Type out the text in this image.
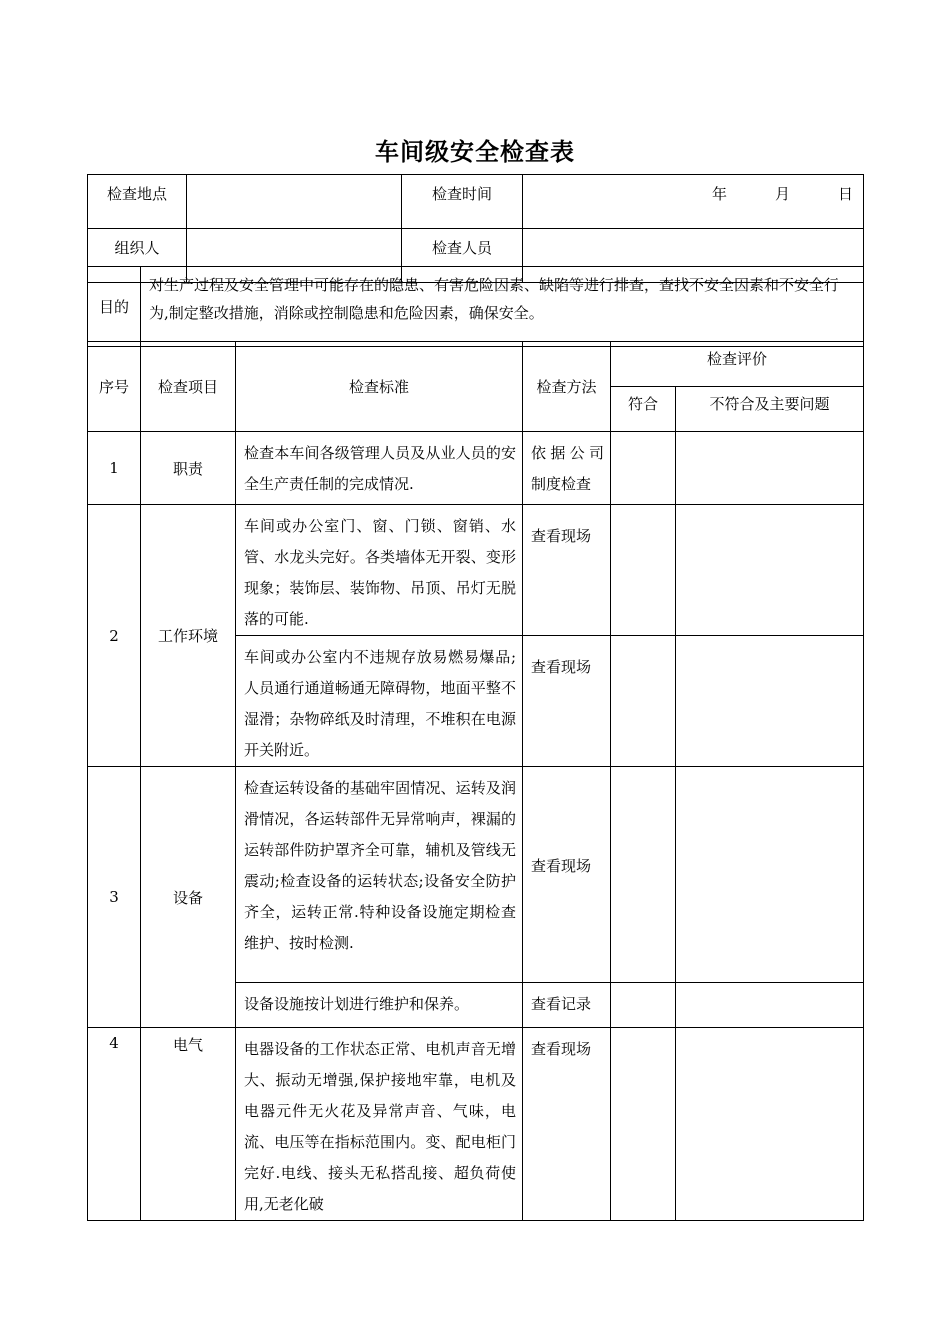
车间级安全检查表
检查地点		检查时间	年 月 日
组织人		检查人员	
目的	对生产过程及安全管理中可能存在的隐患、有害危险因素、缺陷等进行排查，查找不安全因素和不安全行为,制定整改措施，消除或控制隐患和危险因素，确保安全。
序号	检查项目	检查标准	检查方法	检查评价	
				符合	不符合及主要问题
1	职责	检查本车间各级管理人员及从业人员的安全生产责任制的完成情况.	依据公司制度检查		
2	工作环境	车间或办公室门、窗、门锁、窗销、水管、水龙头完好。各类墙体无开裂、变形现象；装饰层、装饰物、吊顶、吊灯无脱落的可能.	查看现场		
		车间或办公室内不违规存放易燃易爆品;人员通行通道畅通无障碍物，地面平整不湿滑；杂物碎纸及时清理，不堆积在电源开关附近。	查看现场		
3	设备	检查运转设备的基础牢固情况、运转及润滑情况，各运转部件无异常响声，裸漏的运转部件防护罩齐全可靠，辅机及管线无震动;检查设备的运转状态;设备安全防护齐全，运转正常.特种设备设施定期检查维护、按时检测.	查看现场		
		设备设施按计划进行维护和保养。	查看记录		
4	电气	电器设备的工作状态正常、电机声音无增大、振动无增强,保护接地牢靠，电机及电器元件无火花及异常声音、气味，电流、电压等在指标范围内。变、配电柜门完好.电线、接头无私搭乱接、超负荷使用,无老化破	查看现场		
